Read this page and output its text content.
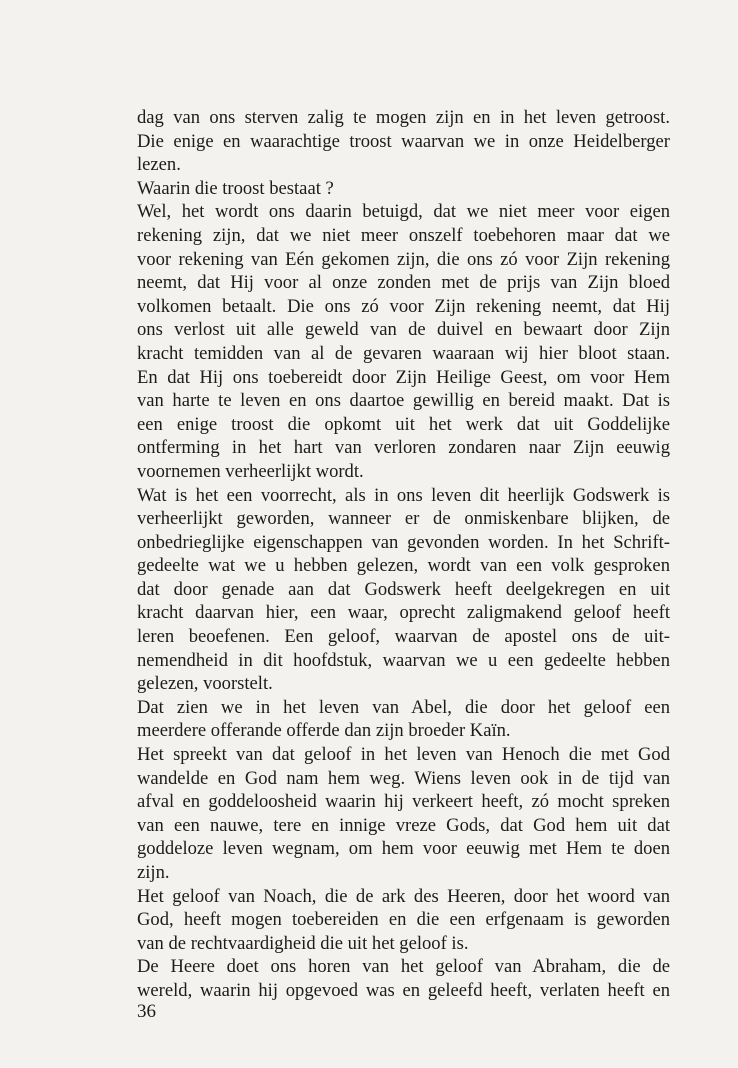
dag van ons sterven zalig te mogen zijn en in het leven getroost.
Die enige en waarachtige troost waarvan we in onze Heidelberger
lezen.
Waarin die troost bestaat ?
Wel, het wordt ons daarin betuigd, dat we niet meer voor eigen
rekening zijn, dat we niet meer onszelf toebehoren maar dat we
voor rekening van Eén gekomen zijn, die ons zó voor Zijn rekening
neemt, dat Hij voor al onze zonden met de prijs van Zijn bloed
volkomen betaalt. Die ons zó voor Zijn rekening neemt, dat Hij
ons verlost uit alle geweld van de duivel en bewaart door Zijn
kracht temidden van al de gevaren waaraan wij hier bloot staan.
En dat Hij ons toebereidt door Zijn Heilige Geest, om voor Hem
van harte te leven en ons daartoe gewillig en bereid maakt. Dat is
een enige troost die opkomt uit het werk dat uit Goddelijke
ontferming in het hart van verloren zondaren naar Zijn eeuwig
voornemen verheerlijkt wordt.
Wat is het een voorrecht, als in ons leven dit heerlijk Godswerk is
verheerlijkt geworden, wanneer er de onmiskenbare blijken, de
onbedrieglijke eigenschappen van gevonden worden. In het Schrift-
gedeelte wat we u hebben gelezen, wordt van een volk gesproken
dat door genade aan dat Godswerk heeft deelgekregen en uit
kracht daarvan hier, een waar, oprecht zaligmakend geloof heeft
leren beoefenen. Een geloof, waarvan de apostel ons de uit-
nemendheid in dit hoofdstuk, waarvan we u een gedeelte hebben
gelezen, voorstelt.
Dat zien we in het leven van Abel, die door het geloof een
meerdere offerande offerde dan zijn broeder Kaïn.
Het spreekt van dat geloof in het leven van Henoch die met God
wandelde en God nam hem weg. Wiens leven ook in de tijd van
afval en goddeloosheid waarin hij verkeert heeft, zó mocht spreken
van een nauwe, tere en innige vreze Gods, dat God hem uit dat
goddeloze leven wegnam, om hem voor eeuwig met Hem te doen
zijn.
Het geloof van Noach, die de ark des Heeren, door het woord van
God, heeft mogen toebereiden en die een erfgenaam is geworden
van de rechtvaardigheid die uit het geloof is.
De Heere doet ons horen van het geloof van Abraham, die de
wereld, waarin hij opgevoed was en geleefd heeft, verlaten heeft en
36
